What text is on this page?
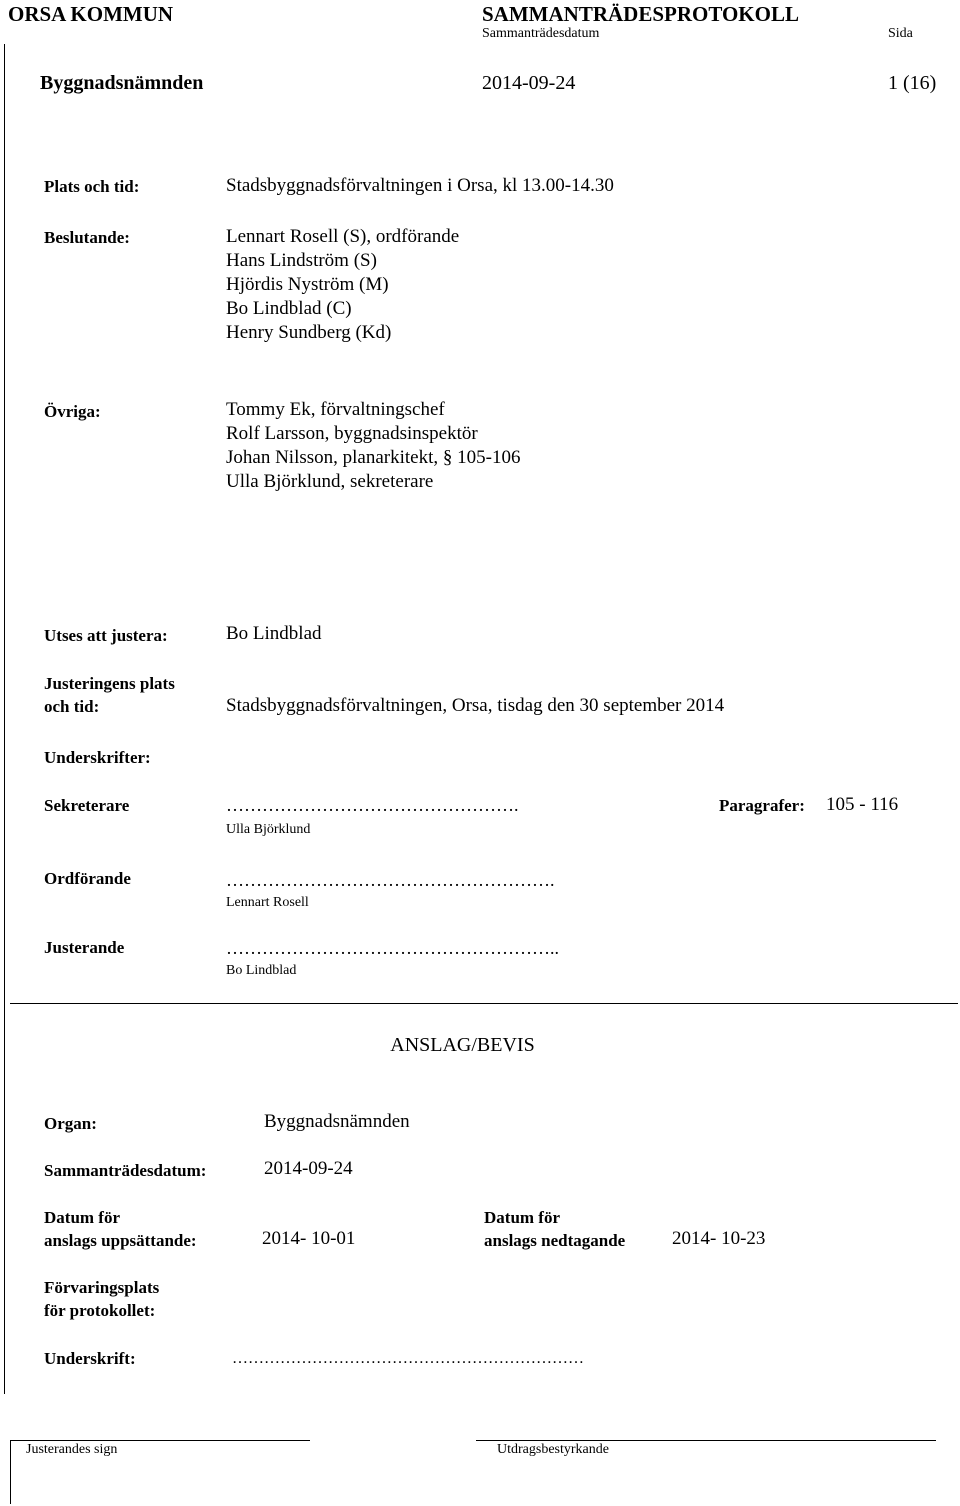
ORSA KOMMUN	SAMMANTRÄDESPROTOKOLL
Sammanträdesdatum	Sida
Byggnadsnämnden	2014-09-24	1 (16)
Plats och tid:	Stadsbyggnadsförvaltningen i Orsa, kl 13.00-14.30
Beslutande:	Lennart Rosell (S), ordförande
Hans Lindström (S)
Hjördis Nyström (M)
Bo Lindblad (C)
Henry Sundberg (Kd)
Övriga:	Tommy Ek, förvaltningschef
Rolf Larsson, byggnadsinspektör
Johan Nilsson, planarkitekt, § 105-106
Ulla Björklund, sekreterare
Utses att justera:	Bo Lindblad
Justeringens plats
och tid:	Stadsbyggnadsförvaltningen, Orsa, tisdag den 30 september 2014
Underskrifter:
Sekreterare	………………………………………….	Paragrafer: 105 - 116
Ulla Björklund
Ordförande	……………………………………………….
Lennart Rosell
Justerande	………………………………………………..
Bo Lindblad
ANSLAG/BEVIS
Organ:	Byggnadsnämnden
Sammanträdesdatum:	2014-09-24
Datum för
anslags uppsättande:	2014- 10-01
Datum för
anslags nedtagande 2014- 10-23
Förvaringsplats
för protokollet:
Underskrift:	…………………………………………………………
Justerandes sign	Utdragsbestyrkande
